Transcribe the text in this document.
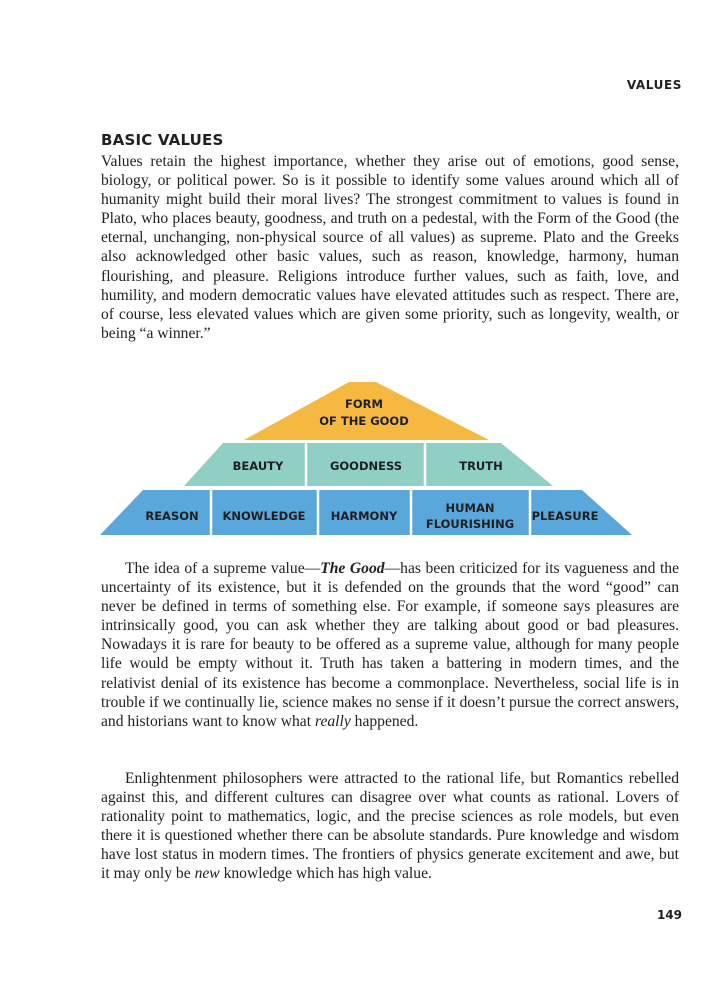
VALUES
BASIC VALUES

Values retain the highest importance, whether they arise out of emotions, good sense, biology, or political power. So is it possible to identify some values around which all of humanity might build their moral lives? The strongest commitment to values is found in Plato, who places beauty, goodness, and truth on a pedestal, with the Form of the Good (the eternal, unchanging, non-physical source of all values) as supreme. Plato and the Greeks also acknowledged other basic values, such as reason, knowledge, harmony, human flourishing, and pleasure. Religions introduce further values, such as faith, love, and humility, and modern democratic values have elevated attitudes such as respect. There are, of course, less elevated values which are given some priority, such as longevity, wealth, or being “a winner.”

FORM
OF THE GOOD
BEAUTY	GOODNESS	TRUTH
REASON KNOWLEDGE HARMONY
HUMAN
FLOURISHING
PLEASURE

The idea of a supreme value—The Good—has been criticized for its vagueness and the uncertainty of its existence, but it is defended on the grounds that the word “good” can never be defined in terms of something else. For example, if someone says pleasures are intrinsically good, you can ask whether they are talking about good or bad pleasures. Nowadays it is rare for beauty to be offered as a supreme value, although for many people life would be empty without it. Truth has taken a battering in modern times, and the relativist denial of its existence has become a commonplace. Nevertheless, social life is in trouble if we continually lie, science makes no sense if it doesn’t pursue the correct answers, and historians want to know what really happened.

Enlightenment philosophers were attracted to the rational life, but Romantics rebelled against this, and different cultures can disagree over what counts as rational. Lovers of rationality point to mathematics, logic, and the precise sciences as role models, but even there it is questioned whether there can be absolute standards. Pure knowledge and wisdom have lost status in modern times. The frontiers of physics generate excitement and awe, but it may only be new knowledge which has high value.

149
